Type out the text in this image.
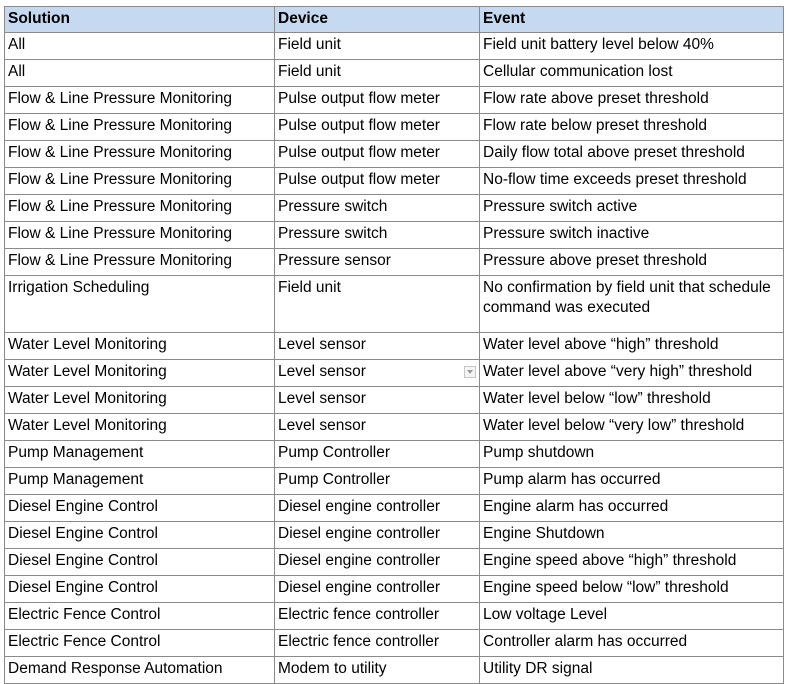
Solution	Device	Event
All	Field unit	Field unit battery level below 40%
All	Field unit	Cellular communication lost
Flow & Line Pressure Monitoring	Pulse output flow meter	Flow rate above preset threshold
Flow & Line Pressure Monitoring	Pulse output flow meter	Flow rate below preset threshold
Flow & Line Pressure Monitoring	Pulse output flow meter	Daily flow total above preset threshold
Flow & Line Pressure Monitoring	Pulse output flow meter	No-flow time exceeds preset threshold
Flow & Line Pressure Monitoring	Pressure switch	Pressure switch active
Flow & Line Pressure Monitoring	Pressure switch	Pressure switch inactive
Flow & Line Pressure Monitoring	Pressure sensor	Pressure above preset threshold
Irrigation Scheduling	Field unit	No confirmation by field unit that schedule command was executed
Water Level Monitoring	Level sensor	Water level above “high” threshold
Water Level Monitoring	Level sensor	Water level above “very high” threshold
Water Level Monitoring	Level sensor	Water level below “low” threshold
Water Level Monitoring	Level sensor	Water level below “very low” threshold
Pump Management	Pump Controller	Pump shutdown
Pump Management	Pump Controller	Pump alarm has occurred
Diesel Engine Control	Diesel engine controller	Engine alarm has occurred
Diesel Engine Control	Diesel engine controller	Engine Shutdown
Diesel Engine Control	Diesel engine controller	Engine speed above “high” threshold
Diesel Engine Control	Diesel engine controller	Engine speed below “low” threshold
Electric Fence Control	Electric fence controller	Low voltage Level
Electric Fence Control	Electric fence controller	Controller alarm has occurred
Demand Response Automation	Modem to utility	Utility DR signal
